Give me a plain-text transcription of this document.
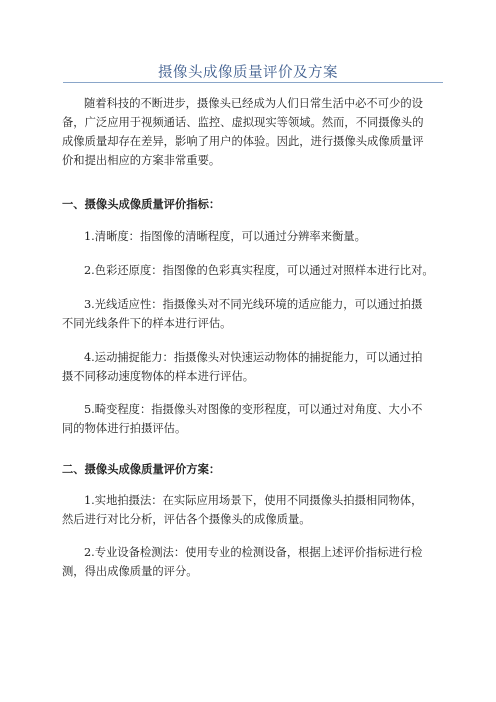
摄像头成像质量评价及方案
随着科技的不断进步，摄像头已经成为人们日常生活中必不可少的设
备，广泛应用于视频通话、监控、虚拟现实等领域。然而，不同摄像头的
成像质量却存在差异，影响了用户的体验。因此，进行摄像头成像质量评
价和提出相应的方案非常重要。
一、摄像头成像质量评价指标：
1.清晰度：指图像的清晰程度，可以通过分辨率来衡量。
2.色彩还原度：指图像的色彩真实程度，可以通过对照样本进行比对。
3.光线适应性：指摄像头对不同光线环境的适应能力，可以通过拍摄
不同光线条件下的样本进行评估。
4.运动捕捉能力：指摄像头对快速运动物体的捕捉能力，可以通过拍
摄不同移动速度物体的样本进行评估。
5.畸变程度：指摄像头对图像的变形程度，可以通过对角度、大小不
同的物体进行拍摄评估。
二、摄像头成像质量评价方案：
1.实地拍摄法：在实际应用场景下，使用不同摄像头拍摄相同物体，
然后进行对比分析，评估各个摄像头的成像质量。
2.专业设备检测法：使用专业的检测设备，根据上述评价指标进行检
测，得出成像质量的评分。
